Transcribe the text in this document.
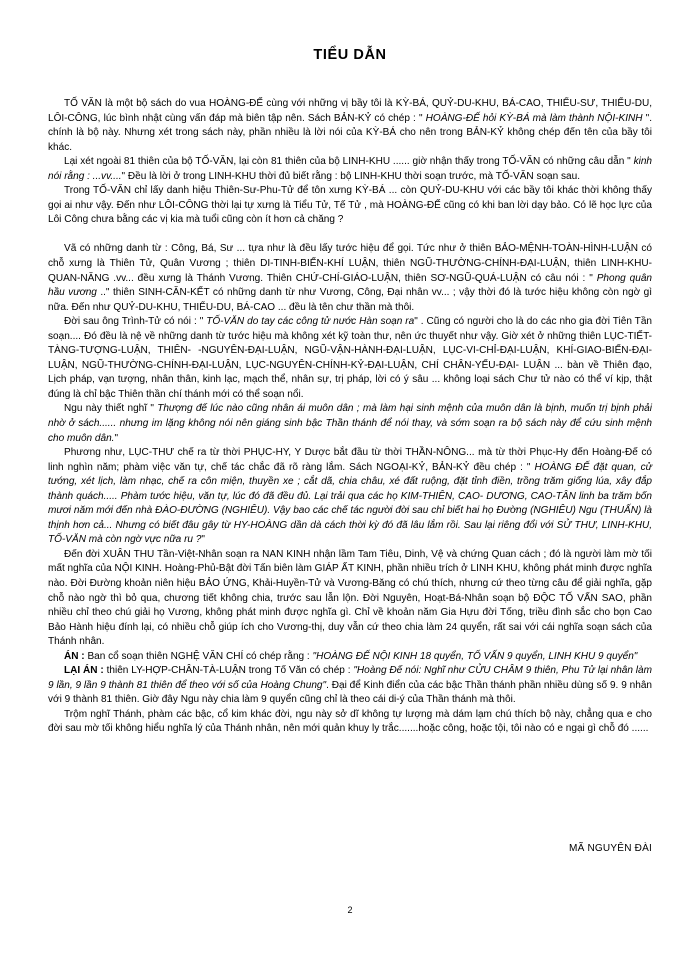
TIỂU DẪN

TỐ VĂN là một bộ sách do vua HOÀNG-ĐẾ cùng với những vị bầy tôi là KỲ-BÁ, QUỶ-DU-KHU, BÁ-CAO, THIỂU-SƯ, THIỂU-DU, LÔI-CÔNG, lúc bình nhật cùng vấn đáp mà biên tập nên. Sách BẢN-KỶ có chép : " HOÀNG-ĐẾ hỏi KỲ-BÁ mà làm thành NỘI-KINH ". chính là bộ này. Nhưng xét trong sách này, phần nhiều là lời nói của KỲ-BÁ cho nên trong BẢN-KỶ không chép đến tên của bầy tôi khác.

Lại xét ngoài 81 thiên của bộ TỐ-VĂN, lại còn 81 thiên của bộ LINH-KHU ...... giờ nhận thấy trong TỐ-VĂN có những câu dẫn " kinh nói rằng : ...vv...." Đều là lời ở trong LINH-KHU thời đủ biết rằng : bộ LINH-KHU thời soạn trước, mà TỐ-VĂN soạn sau.

Trong TỐ-VĂN chỉ lấy danh hiệu Thiên-Sư-Phu-Tử để tôn xưng KỲ-BÁ ... còn QUỶ-DU-KHU với các bầy tôi khác thời không thấy gọi ai như vậy. Đến như LÔI-CÔNG thời lại tự xưng là Tiểu Tử, Tế Tử , mà HOÀNG-ĐẾ cũng có khi ban lời dạy bảo. Có lẽ học lực của Lôi Công chưa bằng các vị kia mà tuổi cũng còn ít hơn cả chăng ?

Vã có những danh từ : Công, Bá, Sư ... tựa như là đều lấy tước hiệu để gọi. Tức như ở thiên BẢO-MỆNH-TOÀN-HÌNH-LUẬN có chỗ xưng là Thiên Tử, Quân Vương ; thiên DI-TINH-BIẾN-KHÍ LUẬN, thiên NGŨ-THƯỜNG-CHÍNH-ĐẠI-LUẬN, thiên LINH-KHU-QUAN-NĂNG .vv... đều xưng là Thánh Vương. Thiên CHỨ-CHÍ-GIÁO-LUẬN, thiên SƠ-NGŨ-QUÁ-LUẬN có câu nói : " Phong quân hầu vương .." thiên SINH-CĂN-KẾT có những danh từ như Vương, Công, Đại nhân vv... ; vậy thời đó là tước hiệu không còn ngờ gì nữa. Đến như QUỶ-DU-KHU, THIỂU-DU, BÁ-CAO ... đều là tên chư thần mà thôi.

Đời sau ông Trình-Tử có nói : " TỐ-VĂN do tay các công tử nước Hàn soạn ra" . Cũng có người cho là do các nho gia đời Tiên Tần soạn.... Đó đều là nệ về những danh từ tước hiệu mà không xét kỹ toàn thư, nên ức thuyết như vậy. Giờ xét ở những thiên LỤC-TIẾT-TÀNG-TƯỢNG-LUẬN, THIÊN- -NGUYÊN-ĐẠI-LUẬN, NGŨ-VẬN-HÀNH-ĐẠI-LUẬN, LỤC-VI-CHỈ-ĐẠI-LUẬN, KHÍ-GIAO-BIẾN-ĐẠI- LUẬN, NGŨ-THƯỜNG-CHÍNH-ĐẠI-LUẬN, LỤC-NGUYÊN-CHÍNH-KỶ-ĐẠI-LUẬN, CHÍ CHÂN-YẾU-ĐẠI- LUẬN ... bàn về Thiên đạo, Lịch pháp, vạn tượng, nhân thân, kinh lạc, mạch thể, nhân sự, trị pháp, lời có ý sâu ... không loại sách Chư tử nào có thể ví kịp, thật đúng là chỉ bậc Thiên thần chí thánh mới có thể soạn nổi.

Ngu này thiết nghĩ " Thượng đế lúc nào cũng nhân ái muôn dân ; mà làm hại sinh mệnh của muôn dân là bịnh, muốn trị bịnh phải nhờ ở sách...... nhưng im lặng không nói nên giáng sinh bậc Thần thánh để nói thay, và sớm soạn ra bộ sách này để cứu sinh mệnh cho muôn dân."

Phương như, LỤC-THƯ chế ra từ thời PHỤC-HY, Y Dược bắt đầu từ thời THẦN-NÔNG... mà từ thời Phục-Hy đến Hoàng-Đế có linh nghìn năm; phàm việc văn tự, chế tác chắc đã rõ ràng lắm. Sách NGOẠI-KỶ, BẢN-KỶ đều chép : " HOÀNG ĐẾ đặt quan, cử tướng, xét lịch, làm nhạc, chế ra côn miện, thuyền xe ; cắt dã, chia châu, xé đất ruộng, đặt tỉnh điền, trồng trăm giống lúa, xây đắp thành quách..... Phàm tước hiệu, văn tự, lúc đó đã đều đủ. Lại trải qua các họ KIM-THIÊN, CAO- DƯƠNG, CAO-TÂN linh ba trăm bốn mươi năm mới đến nhà ĐÀO-ĐƯỜNG (NGHIÊU). Vậy bao các chế tác người đời sau chỉ biết hai họ Đường (NGHIÊU) Ngu (THUẤN) là thịnh hơn cả... Nhưng có biết đâu gây từ HY-HOÀNG dần dà cách thời kỳ đó đã lâu lắm rồi. Sau lại riêng đổi với SỬ THƯ, LINH-KHU, TỐ-VĂN mà còn ngờ vực nữa ru ?"

Đến đời XUÂN THU Tần-Việt-Nhân soạn ra NAN KINH nhận lầm Tam Tiêu, Dinh, Vệ và chứng Quan cách ; đó là người làm mờ tối mất nghĩa của NỘI KINH. Hoàng-Phủ-Bật đời Tấn biên làm GIÁP ẤT KINH, phần nhiều trích ở LINH KHU, không phát minh được nghĩa nào. Đời Đường khoản niên hiệu BẢO ỨNG, Khải-Huyền-Tử và Vương-Băng có chú thích, nhưng cứ theo từng câu để giải nghĩa, gặp chỗ nào ngờ thì bỏ qua, chương tiết không chia, trước sau lẫn lộn. Đời Nguyên, Hoạt-Bá-Nhân soạn bộ ĐỘC TỐ VẤN SAO, phần nhiều chỉ theo chú giải họ Vương, không phát minh được nghĩa gì. Chỉ về khoản năm Gia Hựu đời Tống, triều đình sắc cho bọn Cao Bảo Hành hiệu đính lại, có nhiều chỗ giúp ích cho Vương-thị, duy vẫn cứ theo chia làm 24 quyển, rất sai với cái nghĩa soạn sách của Thánh nhân.

ÁN : Ban cổ soạn thiên NGHỆ VĂN CHÍ có chép rằng : "HOÀNG ĐẾ NỘI KINH 18 quyển, TỐ VẤN 9 quyển, LINH KHU 9 quyển"

LẠI ÁN : thiên LY-HỢP-CHÂN-TÀ-LUẬN trong Tố Văn có chép : "Hoàng Đế nói: Nghĩ như CỬU CHÂM 9 thiên, Phu Tử lại nhân làm 9 lần, 9 lần 9 thành 81 thiên để theo với số của Hoàng Chung". Đại để Kinh điển của các bậc Thần thánh phần nhiều dùng số 9. 9 nhân với 9 thành 81 thiên. Giờ đây Ngu này chia làm 9 quyển cũng chỉ là theo cái di-ý của Thần thánh mà thôi.

Trộm nghĩ Thánh, phàm các bậc, cổ kim khác đời, ngu này sở dĩ không tự lượng mà dám lạm chú thích bộ này, chẳng qua e cho đời sau mờ tối không hiểu nghĩa lý của Thánh nhân, nên mới quản khuy ly trắc.......hoặc công, hoặc tội, tôi nào có e ngại gì chỗ đó ......

MÃ NGUYÊN ĐÀI
2
